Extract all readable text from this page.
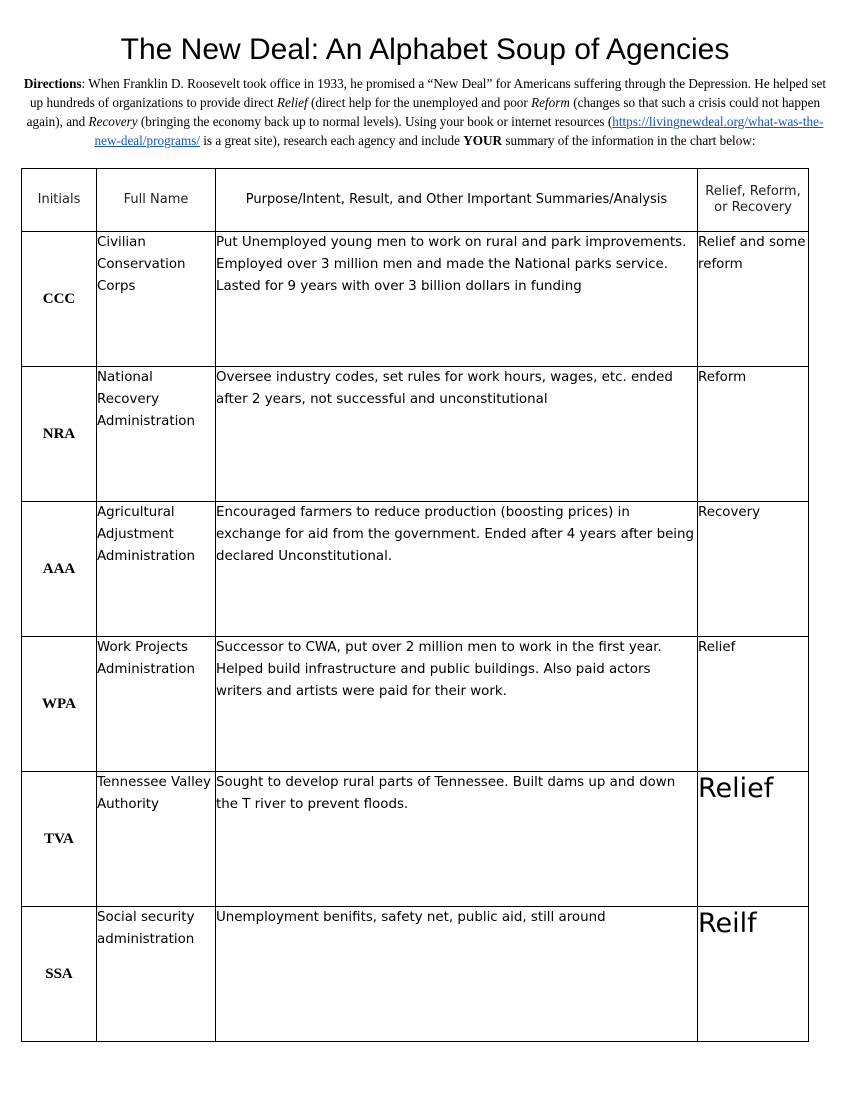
The New Deal: An Alphabet Soup of Agencies
Directions: When Franklin D. Roosevelt took office in 1933, he promised a “New Deal” for Americans suffering through the Depression. He helped set up hundreds of organizations to provide direct Relief (direct help for the unemployed and poor Reform (changes so that such a crisis could not happen again), and Recovery (bringing the economy back up to normal levels). Using your book or internet resources (https://livingnewdeal.org/what-was-the-new-deal/programs/ is a great site), research each agency and include YOUR summary of the information in the chart below:
Initials	Full Name	Purpose/Intent, Result, and Other Important Summaries/Analysis	Relief, Reform, or Recovery
CCC	Civilian Conservation Corps	Put Unemployed young men to work on rural and park improvements. Employed over 3 million men and made the National parks service. Lasted for 9 years with over 3 billion dollars in funding	Relief and some reform
NRA	National Recovery Administration	Oversee industry codes, set rules for work hours, wages, etc. ended after 2 years, not successful and unconstitutional	Reform
AAA	Agricultural Adjustment Administration	Encouraged farmers to reduce production (boosting prices) in exchange for aid from the government. Ended after 4 years after being declared Unconstitutional.	Recovery
WPA	Work Projects Administration	Successor to CWA, put over 2 million men to work in the first year. Helped build infrastructure and public buildings. Also paid actors writers and artists were paid for their work.	Relief
TVA	Tennessee Valley Authority	Sought to develop rural parts of Tennessee. Built dams up and down the T river to prevent floods.	Relief
SSA	Social security administration	Unemployment benifits, safety net, public aid, still around	Reilf
